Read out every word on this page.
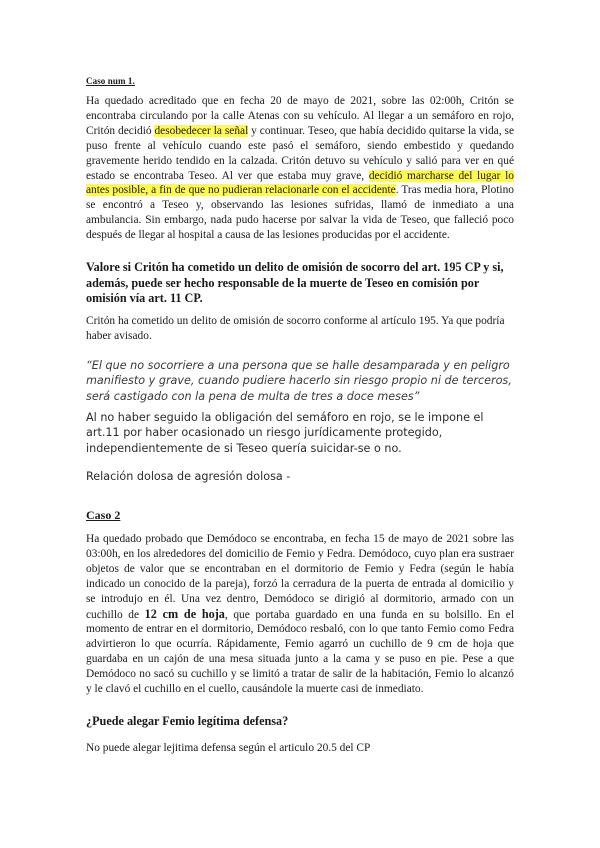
Caso num 1.

Ha quedado acreditado que en fecha 20 de mayo de 2021, sobre las 02:00h, Critón se encontraba circulando por la calle Atenas con su vehículo. Al llegar a un semáforo en rojo, Critón decidió desobedecer la señal y continuar. Teseo, que había decidido quitarse la vida, se puso frente al vehículo cuando este pasó el semáforo, siendo embestido y quedando gravemente herido tendido en la calzada. Critón detuvo su vehículo y salió para ver en qué estado se encontraba Teseo. Al ver que estaba muy grave, decidió marcharse del lugar lo antes posible, a fin de que no pudieran relacionarle con el accidente. Tras media hora, Plotino se encontró a Teseo y, observando las lesiones sufridas, llamó de inmediato a una ambulancia. Sin embargo, nada pudo hacerse por salvar la vida de Teseo, que falleció poco después de llegar al hospital a causa de las lesiones producidas por el accidente.

Valore si Critón ha cometido un delito de omisión de socorro del art. 195 CP y si, además, puede ser hecho responsable de la muerte de Teseo en comisión por omisión vía art. 11 CP.

Critón ha cometido un delito de omisión de socorro conforme al artículo 195. Ya que podría haber avisado.

“El que no socorriere a una persona que se halle desamparada y en peligro manifiesto y grave, cuando pudiere hacerlo sin riesgo propio ni de terceros, será castigado con la pena de multa de tres a doce meses”

Al no haber seguido la obligación del semáforo en rojo, se le impone el art.11 por haber ocasionado un riesgo jurídicamente protegido, independientemente de si Teseo quería suicidar-se o no.

Relación dolosa de agresión dolosa -

Caso 2

Ha quedado probado que Demódoco se encontraba, en fecha 15 de mayo de 2021 sobre las 03:00h, en los alrededores del domicilio de Femio y Fedra. Demódoco, cuyo plan era sustraer objetos de valor que se encontraban en el dormitorio de Femio y Fedra (según le había indicado un conocido de la pareja), forzó la cerradura de la puerta de entrada al domicilio y se introdujo en él. Una vez dentro, Demódoco se dirigió al dormitorio, armado con un cuchillo de 12 cm de hoja, que portaba guardado en una funda en su bolsillo. En el momento de entrar en el dormitorio, Demódoco resbaló, con lo que tanto Femio como Fedra advirtieron lo que ocurría. Rápidamente, Femio agarró un cuchillo de 9 cm de hoja que guardaba en un cajón de una mesa situada junto a la cama y se puso en pie. Pese a que Demódoco no sacó su cuchillo y se limitó a tratar de salir de la habitación, Femio lo alcanzó y le clavó el cuchillo en el cuello, causándole la muerte casi de inmediato.

¿Puede alegar Femio legítima defensa?

No puede alegar lejitima defensa según el articulo 20.5 del CP
